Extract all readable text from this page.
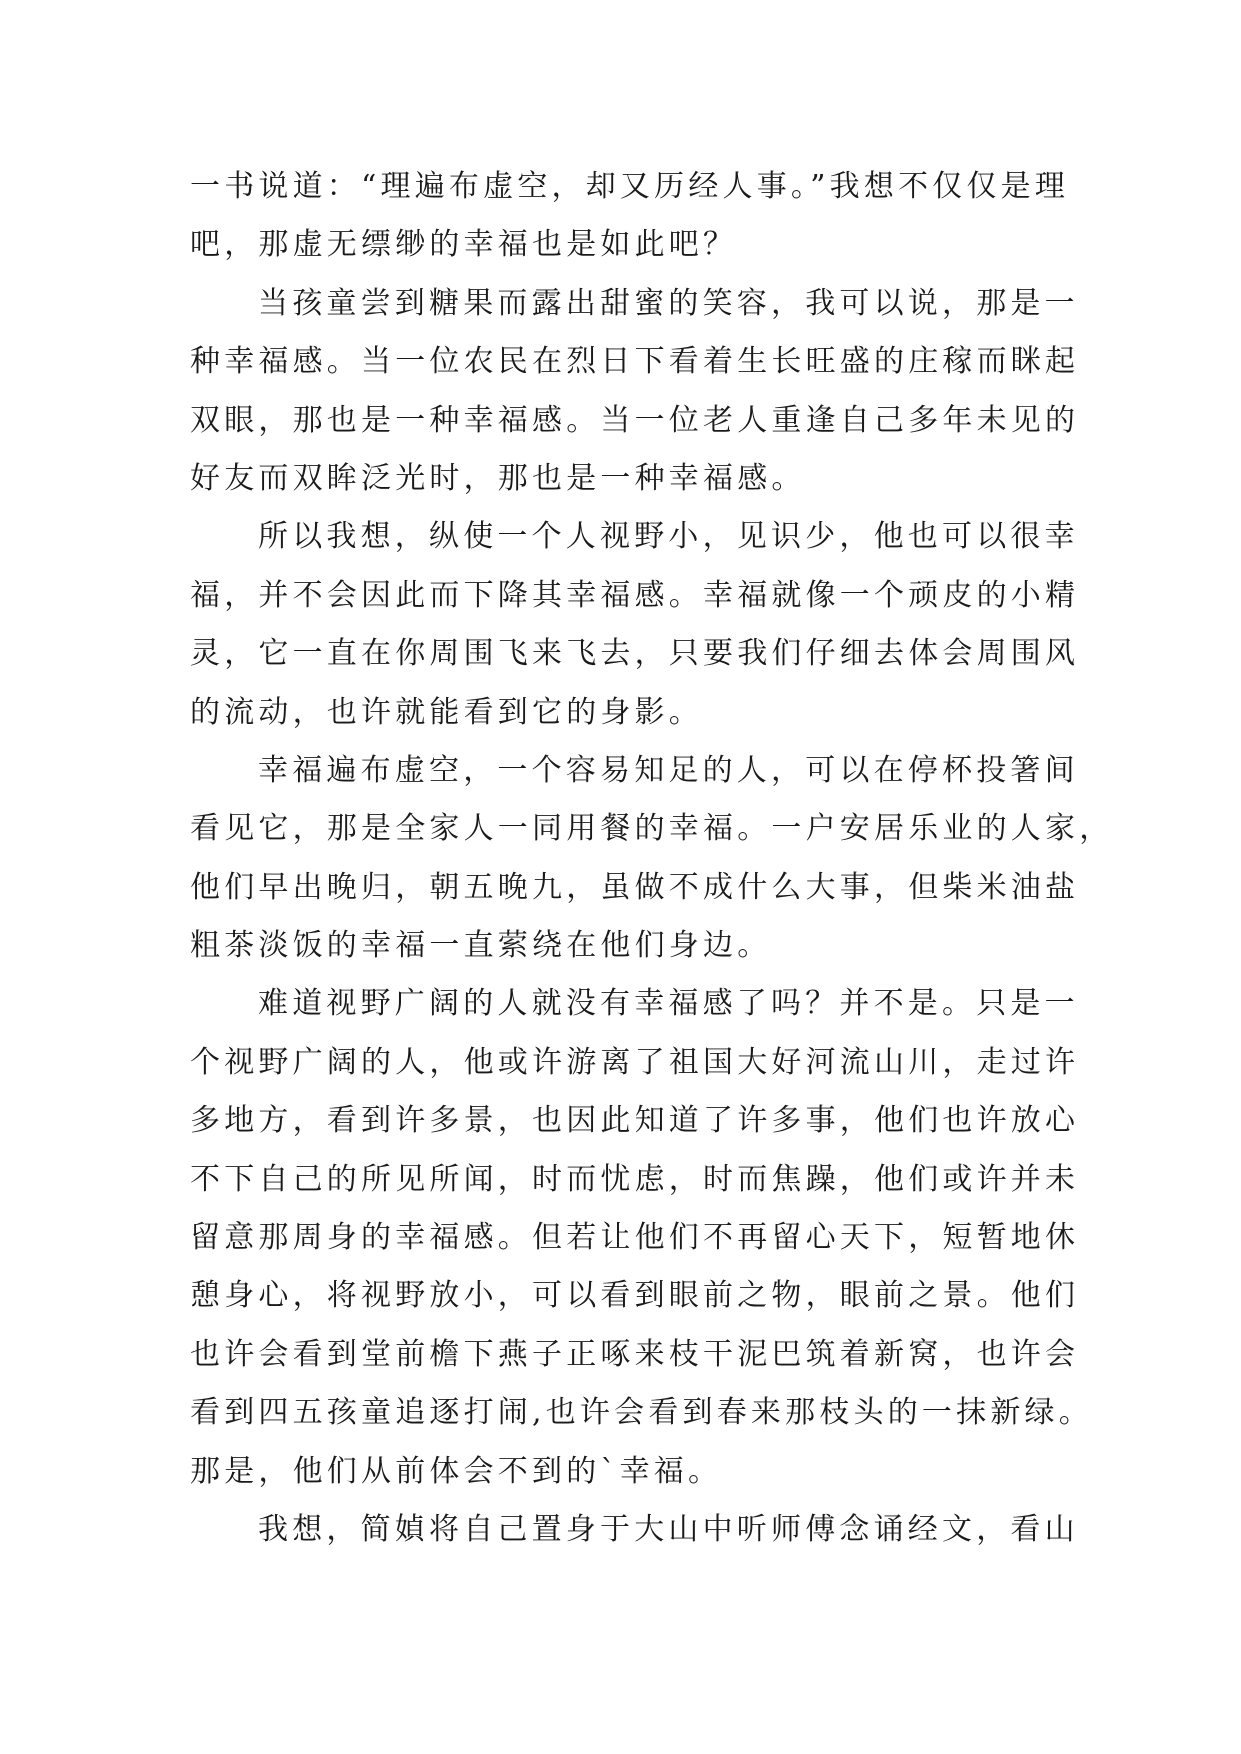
一书说道：“理遍布虚空，却又历经人事。”我想不仅仅是理
吧，那虚无缥缈的幸福也是如此吧？
当孩童尝到糖果而露出甜蜜的笑容，我可以说，那是一
种幸福感。当一位农民在烈日下看着生长旺盛的庄稼而眯起
双眼，那也是一种幸福感。当一位老人重逢自己多年未见的
好友而双眸泛光时，那也是一种幸福感。
所以我想，纵使一个人视野小，见识少，他也可以很幸
福，并不会因此而下降其幸福感。幸福就像一个顽皮的小精
灵，它一直在你周围飞来飞去，只要我们仔细去体会周围风
的流动，也许就能看到它的身影。
幸福遍布虚空，一个容易知足的人，可以在停杯投箸间
看见它，那是全家人一同用餐的幸福。一户安居乐业的人家，
他们早出晚归，朝五晚九，虽做不成什么大事，但柴米油盐
粗茶淡饭的幸福一直萦绕在他们身边。
难道视野广阔的人就没有幸福感了吗？并不是。只是一
个视野广阔的人，他或许游离了祖国大好河流山川，走过许
多地方，看到许多景，也因此知道了许多事，他们也许放心
不下自己的所见所闻，时而忧虑，时而焦躁，他们或许并未
留意那周身的幸福感。但若让他们不再留心天下，短暂地休
憩身心，将视野放小，可以看到眼前之物，眼前之景。他们
也许会看到堂前檐下燕子正啄来枝干泥巴筑着新窝，也许会
看到四五孩童追逐打闹,也许会看到春来那枝头的一抹新绿。
那是，他们从前体会不到的`幸福。
我想，简媜将自己置身于大山中听师傅念诵经文，看山
